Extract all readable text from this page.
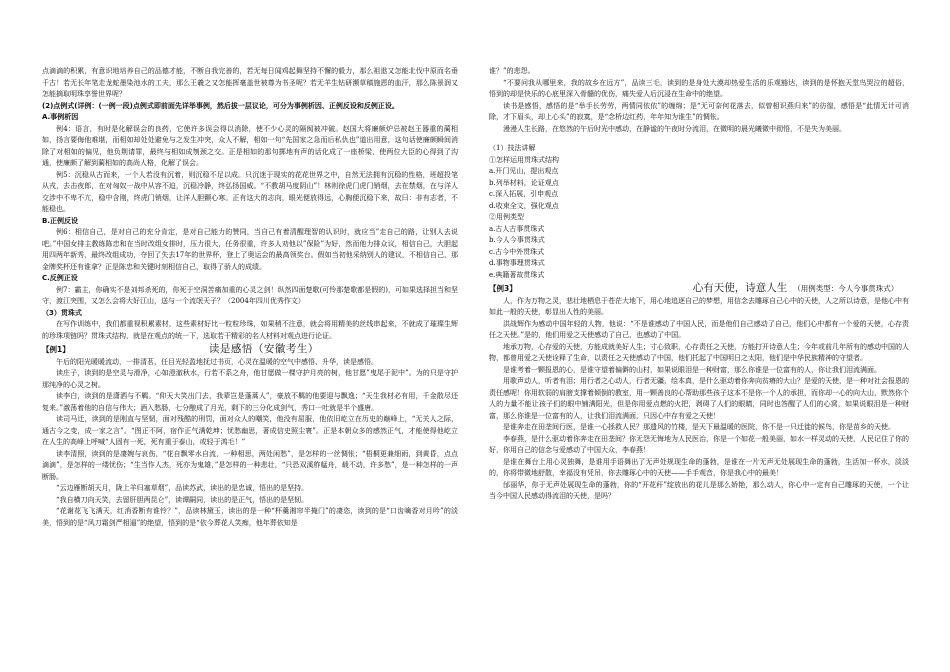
点滴滴的积累，有意识地培养自己的品德才能，不断自我完善的，若无每日闻鸡起舞坚持不懈的毅力，那么祖逖又怎能北伐中原而名垂千古！若无长年笔走龙蛇墨染池水的工夫，那么王羲之又怎能挥毫盖世被尊为书圣呢？若无羊生钻研濒草稿施恩的血汗，那么陈景润又怎能摘取明珠享誉世界呢？

(2)点例式(详例：(一例一段)点例式即前面先详举事例，然后拔一层议论，可分为事例析因、正例反设和反例正设。

A.事例析因

例4：语言，有时是化解误会的良药，它使许多误会得以消除，使不少心灵的隔阂被冲破。赵国大将廉颇炉忌被赵王器重的蔺相如，扬言要侮他难堪，而相如却处处避免与之发生冲突，众人不解，相如一句“先国家之急而后私仇也”道出用意，这句话使廉颇瞬间消除了对相如的偏见，他负荆请罪，最终与相如成刎颈之交。正是相如的那句掷地有声的话化成了一座桥梁，使两位大臣的心得到了沟通，使廉颇了解到蔺相如的高尚人格，化解了误会。

例5：沉稳从古而来，一个人若没有沉着，则沉稳不足以成。只沉迷于现实的花花世界之中，自然无法拥有沉稳的性格，班超投笔从戎，去击夜郎，在对匈奴一战中从容不迫，沉稳冷静，终弘扬国威。“不教胡马度阴山”！林则徐虎门虎门销烟，去在禁烟，在与洋人交涉中不卑不亢，稳中含刚，终虎门销烟，让洋人胆颤心寒。正有这大的志向，眼光便放得远，心胸便沉稳下来，故曰：非有志者，不能稳也。

B.正例反设

例6：相信自己，是对自己的充分肯定，是对自己能力的赞同，当自己有着清醒理智的认识时，就应当”走自己的路，让别人去说吧。”中国女排主教练陈忠和在当时改组女排时，压力很大，任务很重，许多人劝他以”保险”为好，然而他力排众议，相信自己，大胆起用四两年新秀，最终改组成功，夺回了失去17年的世界杯，登上了奥运会的最高领奖台。假如当初他采纳别人的建议，不相信自己，那金牌奖杯还有谁拿？正是陈忠和关键时刻相信自己，取得了骄人的成绩。

C.反例正设

例7：霸主，你确实不是刘邦杀死的，你死于空洞苦痛加重的心灵之剑！纵然四面楚歌(可怜那楚歌都是假的)，可如果选择担当和坚守，渡江突围，又怎么会将大好江山，送与一个流氓天子？（2004年四川优秀作文）

（3）贯珠式

在写作训练中，我们都重视积累素材，这些素材好比一粒粒珍珠，如果稍不注意，就会将用精美的丝线串起来，不就成了璀璨生辉的珍珠项链吗？贯珠式结构，就是在观点的统一下，选取若干精彩的名人材料对观点进行论证。

【例1】	读是感悟（安徽考生）

午后的阳光暖暖流动，一排清茗，任目光轻盈地抚过书页，心灵在温暖的空气中感悟、升华，读是感悟。

读庄子，读到的是空灵与滑净，心如澄澈秋水，行若不系之舟，他甘愿做一棵守护月亮的树，他甘愿”曳尾于泥中”。为的只是守护那纯净的心灵之树。

读李白，读到的是潇洒与不羁。“仰天大笑出门去，我辈岂是蓬蒿人”，豪放不羁的他要迎与飘逸；“天生我材必有用，千金散尽还复来。”激荡着他的自信与伟大；酒入愁肠，七分酿成了月光，剩下的三分化成剑气，秀口一吐就是半个盛唐。

读司马迁，读到的是刚直与坚韧，面对残酷的刑罚，面对众人的嘲笑，他没有屈服，他依旧屹立在历史的巅峰上，“无关人之际，通古今之变，成一家之言”。“图正不阿，宿作正气满乾坤；忧愁幽思，著成信史照尘寰”。正是本朝众多的感然正气，才能使得他屹立在人生的高峰上呼喊“人固有一死，死有重于泰山，或轻于鸿毛！”

读李清照，读到的是凄婉与哀伤，“花自飘零水自流，一种相思，两处闲愁”，是怎样的一丝惆怅；“梧桐更兼细雨，到黄昏，点点滴滴”，是怎样的一缕忧伤；“生当作人杰，死亦为鬼雄，”是怎样的一种悲壮，“只恐双溪舴艋舟，载不动，许多愁”，是一种怎样的一声断肠。

“云边雁断胡天月，陇上羊归塞草烟”，品读苏武，读出的是忠诚，悟出的是坚持。

“我自横刀向天笑，去留肝胆两昆仑”，读谭嗣同，读出的是正气，悟出的是坚韧。

“花谢花飞飞满天，红消香断有谁怜？”，品读林黛玉，读出的是一种“杯羹湘帘半掩门”的凄恣，读到的是“口齿噙香对月吟”的淡美，悟到的是“风刀霜剑严相逼”的绝望，悟到的是“依今葬花人笑痴，他年葬依知是

谁？”的悲怨。

“不要问我从哪里来，我的故乡在远方”，品读三毛，读到的是身处大漠却热爱生活的乐观豁达，读到的是怀抱天堂鸟哭泣的超俗，悟到的却是快乐的心底里深入骨髓的优伤，痛失爱人后沉浸在生命中的绝望。

读书是感悟，感悟的是“举手长劳劳，两情同依依”的缠绵；是“无可奈何花落去，似曾相识燕归来”的彷徨，感悟是“此情无计可消除，才下眉头，却上心头”的寂寞，是“念桥边红药，年年知为谁生”的惆怅。

漫漫人生长路，在悠然的午后时光中感动，在静谧的午夜时分流泪，在微明的晨光曦微中彻悟，不是失为美丽。

（1）技法讲解

①怎样运用贯珠式结构

a.开门见山，提出观点

b.列举材料，论证观点

c.深入拓展，引申观点

d.收束全文，强化观点

②用例类型

a.古人古事贯珠式

b.今人今事贯珠式

c.古今中外贯珠式

d.事物事理贯珠式

e.典籍著故贯珠式

【例3】	心有天使，诗意人生 （用例类型：今人今事贯珠式）

人，作为万物之灵，悲壮地栖息于苍茫大地下，用心地追逐自己的梦想，用信念去雕琢自己心中的天使，人之所以诗意，是他心中有如此一般的天使，彰显出人性的美丽。

洪战辉作为感动中国年轻的人物，他说：“不是谁感动了中国人民，而是他们自己感动了自己，他们心中都有一个爱的天使，心存责任之天使。”是的，他们用爱之天使感动了自己，也感动了中国。

地承万物，心存爱的天使，方能成就美好人生；寸心致职，心存责任之天使，方能打开诗意人生；今年或前几年所有的感动中国的人物，都曾用爱之天使诠释了生命，以责任之天使感动了中国，他们托起了中国明日之太阳，他们是中华民族精神的守望者。

是谁考着一颗报恩的心，是谁守望着偏僻的山村，如果说眼泪是一种财富，那么你谁是一位富有的人，你让我们泪流满面。

用歌声动人，听者有泪；用行者之心动人，行者无疆，绘本真，是什么驱动着你奔向贫瘠的大山？是爱的天使，是一种对社会报恩的责任感呢！你用软弱的肩膀支撑着倾倒的教室，用一颗善良的心帮助那些孩子这本不是你一个人的承担，而你却一心的向大山，默然你个人的力量不能让孩子们的眼中铺满阳光，但是你用爱点燃的火把，剥碍了人们的眼睛，同时也答醒了人们的心窝，如果说眼泪是一种财富，那么你谁是一位富有的人，让我们泪流满面，只因心中存有爱之天使！

是谁奔走在田垄间行医，是谁一心拯救人民？那遗风的竹楼，是天下最温暖的医院，你不是一只迁徙的候鸟，你是苗乡的天使。

李春燕，是什么驱动着你奔走在田垄间？你无怨无悔地为人民医治，你是一个如花一般美丽，如水一样灵动的天使，人民记住了你的好，你用自己的信念与爱感动了中国大众，李春燕！

是谁在舞台上用心灵独舞，是谁用手语舞出了无声处规现生命的蓬勃，是谁在一片无声无处展现生命的蓬勃，生活加一杯水，淡淡的，你将带微地舒散，幸福没有凭吊，你去雕琢心中的天使——手手观音，你是我心中的最美！

邰丽华，你于无声处展现生命的蓬勃，你的“开花秆”绽放出的花儿是那么娇艳，那么动人，你心中一定有自己雕琢的天使，一个让当今中国人民感动得流泪的天使，是吗？
